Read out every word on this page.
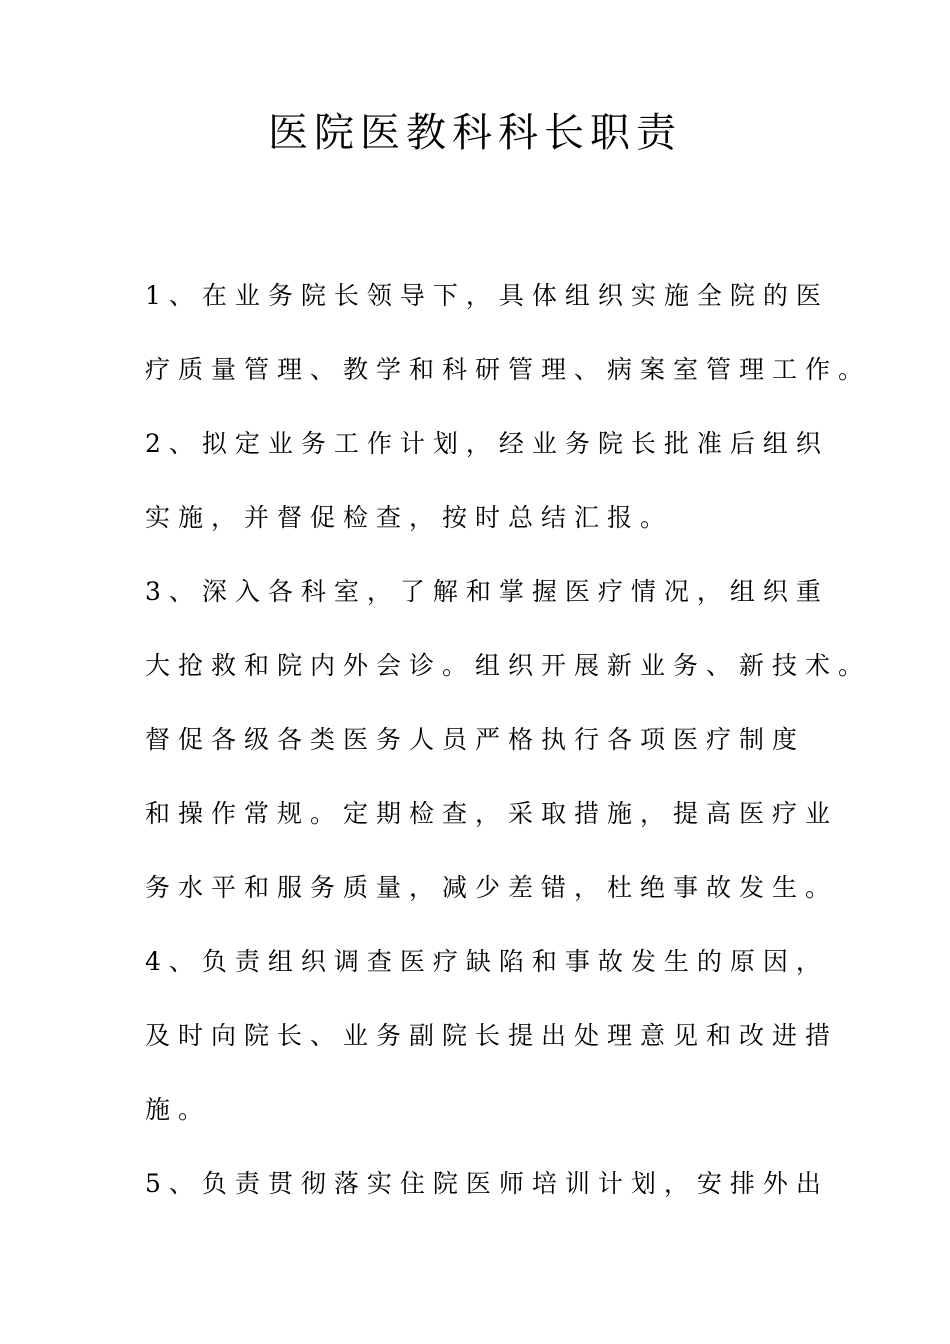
医院医教科科长职责
1、在业务院长领导下，具体组织实施全院的医
疗质量管理、教学和科研管理、病案室管理工作。
2、拟定业务工作计划，经业务院长批准后组织
实施，并督促检查，按时总结汇报。
3、深入各科室，了解和掌握医疗情况，组织重
大抢救和院内外会诊。组织开展新业务、新技术。
督促各级各类医务人员严格执行各项医疗制度
和操作常规。定期检查，采取措施，提高医疗业
务水平和服务质量，减少差错，杜绝事故发生。
4、负责组织调查医疗缺陷和事故发生的原因，
及时向院长、业务副院长提出处理意见和改进措
施。
5、负责贯彻落实住院医师培训计划，安排外出
